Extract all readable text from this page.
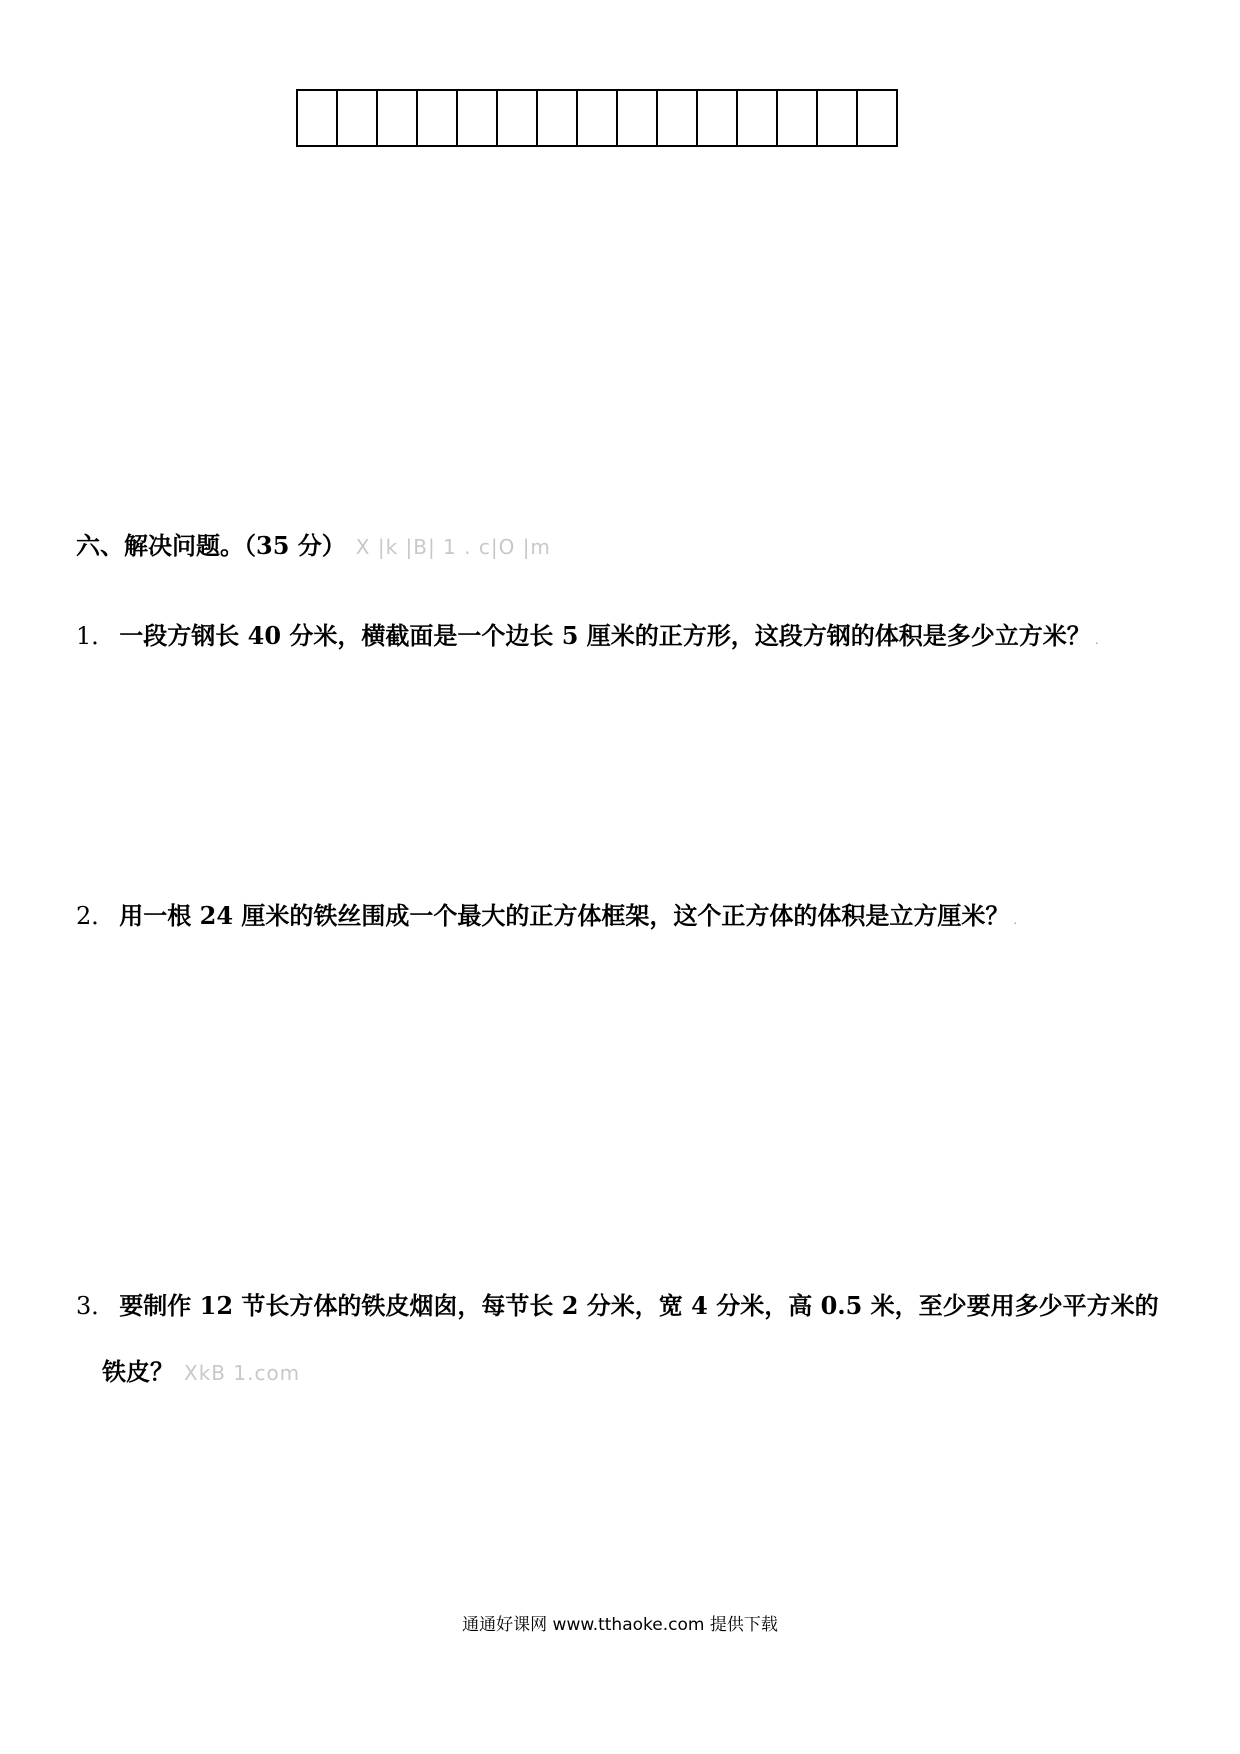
六、解决问题。（35 分） X |k |B| 1 . c|O |m
1． 一段方钢长 40 分米，横截面是一个边长 5 厘米的正方形，这段方钢的体积是多少立方米？ .
2． 用一根 24 厘米的铁丝围成一个最大的正方体框架，这个正方体的体积是立方厘米？ .
3． 要制作 12 节长方体的铁皮烟囱，每节长 2 分米，宽 4 分米，高 0.5 米，至少要用多少平方米的
铁皮？ XkB 1.com
通通好课网 www.tthaoke.com 提供下载
